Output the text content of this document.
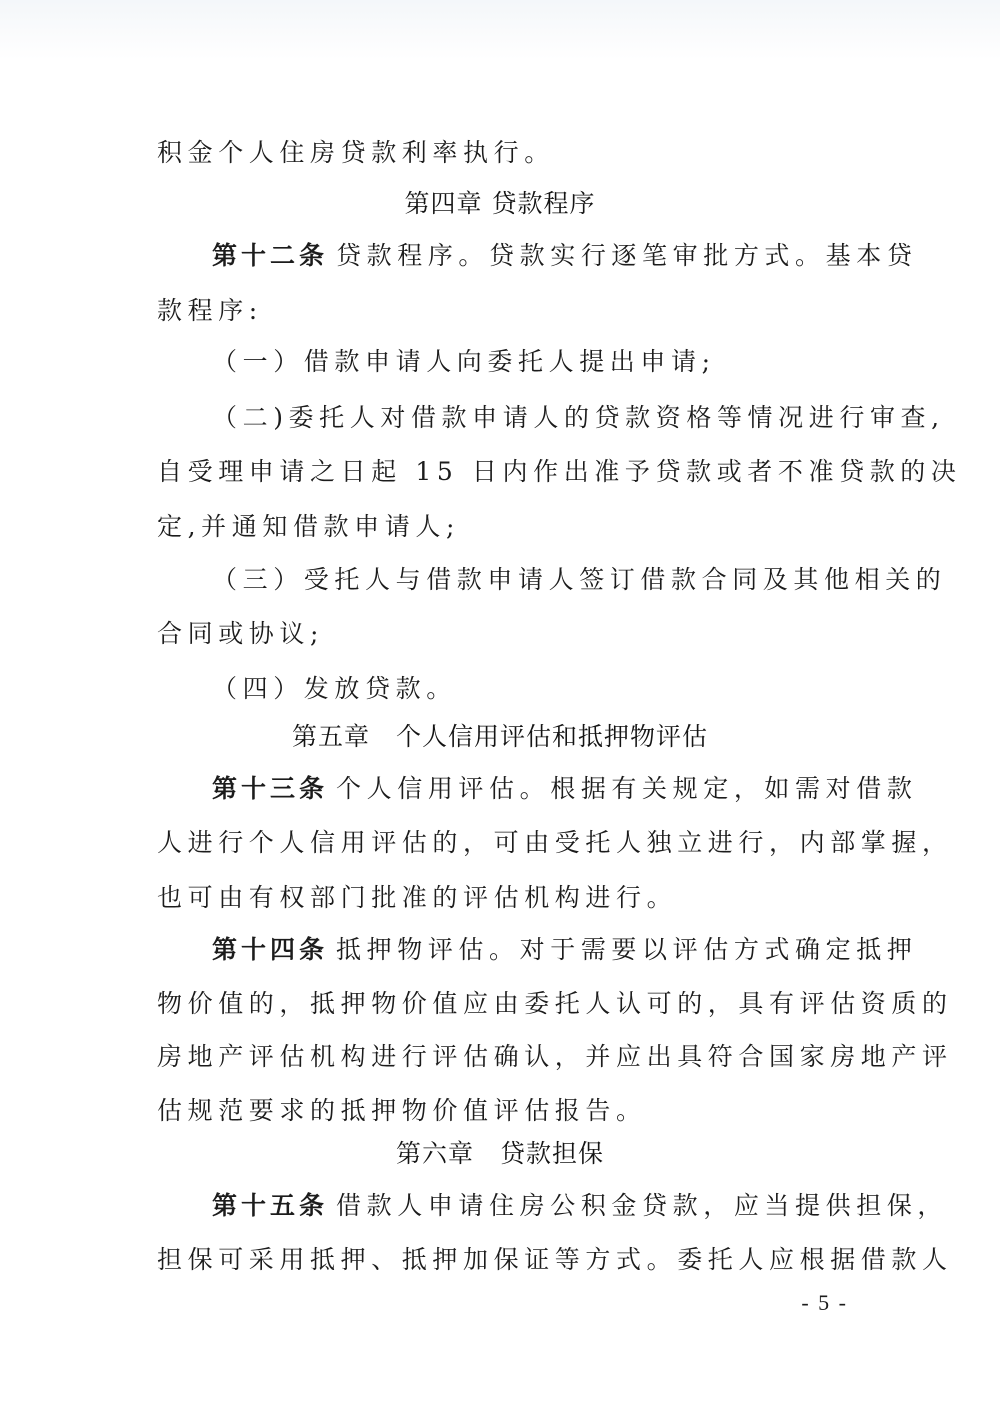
积金个人住房贷款利率执行。
第四章 贷款程序
第十二条 贷款程序。贷款实行逐笔审批方式。基本贷
款程序:
（一）借款申请人向委托人提出申请;
（二)委托人对借款申请人的贷款资格等情况进行审查,
自受理申请之日起 15 日内作出准予贷款或者不准贷款的决
定,并通知借款申请人;
（三）受托人与借款申请人签订借款合同及其他相关的
合同或协议;
（四）发放贷款。
第五章　个人信用评估和抵押物评估
第十三条 个人信用评估。根据有关规定，如需对借款
人进行个人信用评估的，可由受托人独立进行，内部掌握，
也可由有权部门批准的评估机构进行。
第十四条 抵押物评估。对于需要以评估方式确定抵押
物价值的，抵押物价值应由委托人认可的，具有评估资质的
房地产评估机构进行评估确认，并应出具符合国家房地产评
估规范要求的抵押物价值评估报告。
第六章　贷款担保
第十五条 借款人申请住房公积金贷款，应当提供担保，
担保可采用抵押、抵押加保证等方式。委托人应根据借款人
- 5 -
